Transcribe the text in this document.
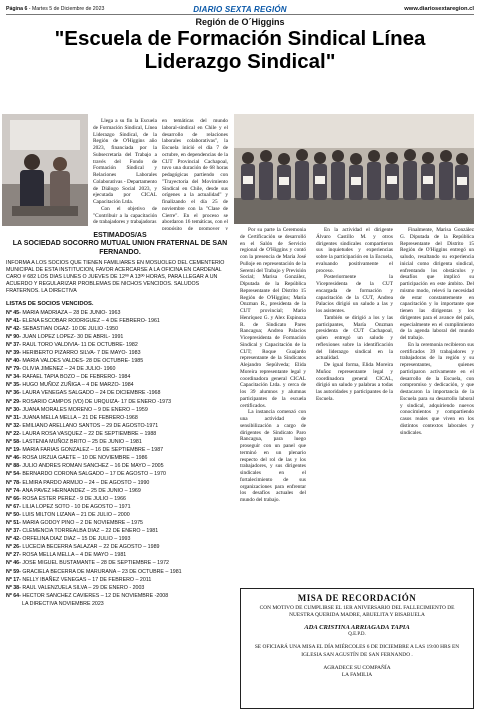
Página 6 - Martes 5 de Diciembre de 2023	DIARIO SEXTA REGIÓN	www.diariosextaregion.cl
Región de O´Higgins
"Escuela de Formación Sindical Línea Liderazgo Sindical"

Llega a su fin la Escuela de Formación Sindical, Línea Liderazgo Sindical, de la Región de O'Higgins año 2023, financiada por la Subsecretaría del Trabajo a través del Fondo de Formación Sindical y Relaciones Laborales Colaborativas - Departamento de Diálogo Social 2023, y ejecutada por CICAL Capacitación Ltda.

Con el objetivo de "Contribuir a la capacitación de trabajadores y trabajadoras

en temáticas del mundo laboral-sindical en Chile y el desarrollo de relaciones laborales colaborativas", la Escuela inició el día 7 de octubre, en dependencias de la CUT Provincial Cachapoal, tuvo una duración de 68 horas pedagógicas partiendo con "Trayectoria del Movimiento Sindical en Chile, desde sus orígenes a la actualidad" y finalizando el día 25 de noviembre con la "Clase de Cierre". En el proceso se abordaron 16 temáticas, con el propósito de promover y	Por su parte la Ceremonia de Certificación se desarrolló en el Salón de Servicio regional de O'Higgins y contó con la presencia de María José Pulloje en representación de la Seremi del Trabajo y Previsión Social; Marisa González, Diputada de la República Representante del Distrito 15 Región de O'Higgins; María Onzman R., presidenta de la CUT provincial; Mario Henríquez G. y Alex Espinoza R. de Sindicato Pares Rancagua; Andrea Palacios Vicepresidenta de Formación Sindical y Capacitación de la CUT; Roque Guajardo representante de la Sindicatos Alejandro Sepúlveda; Elida Moreira representante legal y coordinadora general CICAL Capacitación Ltda. y cerca de los 39 alumnos y alumnas participantes de la escuela certificados.

La instancia comenzó con una actividad de sensibilización a cargo de dirigentes de Sindicato Paro Rancagua, para luego proseguir con un panel que terminó en un plenario respecto del rol de las y los trabajadores, y sus dirigentes sindicales en el fortalecimiento de sus organizaciones para enfrentar los desafíos actuales del mundo del trabajo.

En la actividad el dirigente Álvaro Castillo M. y otros dirigentes sindicales compartieron sus inquietudes y experiencias sobre la participación en la Escuela, evaluando positivamente el proceso.

Posteriormente la Vicepresidenta de la CUT encargada de formación y capacitación de la CUT, Andrea Palacios dirigió un saludo a las y los asistentes.

También se dirigió a los y las participantes, María Onzman presidenta de CUT Cachapoal, quien entregó un saludo y reflexiones sobre la identificación del liderazgo sindical en la actualidad.

De igual forma, Elida Moreira Muñoz representante legal y coordinadora general CICAL, dirigió un saludo y palabras a todas las autoridades y participantes de la Escuela.

Finalmente, Marisa González G. Diputada de la República Representante del Distrito 15 Región de O'Higgins entregó un saludo, resaltando su experiencia inicial como dirigenta sindical, enfrentando los obstáculos y desafíos que implicó su participación en este ámbito. Del mismo modo, relevó la necesidad de estar constantemente en capacitación y lo importante que tienen las dirigentas y los dirigentes para el avance del país, especialmente en el cumplimiento de la agenda laboral del mundo del trabajo.

En la ceremonia recibieron sus certificados 39 trabajadores y trabajadoras de la región y su representantes, quienes participaron activamente en el desarrollo de la Escuela, con compromiso y dedicación, y que destacaron la importancia de la Escuela para su desarrollo laboral y sindical, adquiriendo nuevos conocimientos y compartiendo casos reales que viven en los distintos contextos laborales y sindicales.

ESTIMADOS/AS
LA SOCIEDAD SOCORRO MUTUAL UNION FRATERNAL DE SAN FERNANDO.
INFORMA A LOS SOCIOS QUE TIENEN FAMILIARES EN MOSUOLEO DEL CEMENTERIO MUNICIPAL DE ESTA INSTITUCION, FAVOR ACERCARSE A LA OFICINA EN CARDENAL CARO # 682 LOS DIAS LUNES O JUEVES DE 12ºº A 13ºº HORAS, PARA LLEGAR A UN ACUERDO Y REGULARIZAR PROBLEMAS DE NICHOS VENCIDOS. SALUDOS FRATERNOS. LA DIRECTIVA
LISTAS DE SOCIOS VENCIDOS.
Nº 45- MARIA MADRIAZA – 28 DE JUNIO- 1963
Nº 41- ELENA ESCOBAR RODRIGUEZ – 4 DE FEBRERO- 1961
Nº 42- SEBASTIAN OGAZ- 10 DE JULIO -1950
Nº 90- JUAN LOPEZ LOPEZ- 30 DE ABRIL- 1991
Nº 37- RAUL TORO VALDIVIA- 11 DE OCTUBRE- 1982
Nº 39- HERIBERTO PIZARRO SILVA- 7 DE MAYO- 1983
Nº 40- MARIA VALDES VALDES- 28 DE OCTUBRE- 1985
Nº 79- OLIVIA JIMENEZ – 24 DE JULIO- 1960
Nº 34- RAFAEL TAPIA BOZO – DE FEBRERO- 1984
Nº 35- HUGO MUÑOZ ZUÑIGA – 4 DE MARZO- 1984
Nº 36- LAURA VENEGAS SALGADO – 24 DE DICIEMBRE -1968
Nº 29- ROSARIO CAMPOS (VD) DE URQUIZA- 17 DE ENERO -1973
Nº 30- JUANA MORALES MORENO – 9 DE ENERO – 1959
Nº 31- JUANA MELLA MELLA – 21 DE FEBRERO-1968
Nº 32- EMILIANO ARELLANO SANTOS – 29 DE AGOSTO-1971
Nº 22- LAURA ROSA VASQUEZ – 22 DE SEPTIEMBRE – 1988
Nº 58- LASTENIA MUÑOZ BRITO – 25 DE JUNIO – 1981
Nº 19- MARIA FARIAS GONZALEZ – 16 DE SEPTIEMBRE – 1987
Nº 46- ROSA URZUA GAETE – 10 DE NOVIEMBRE – 1986
Nº 88- JULIO ANDRES ROMAN SANCHEZ – 16 DE MAYO – 2005
Nº 54- BERNARDO CORONA SALGADO – 17 DE AGOSTO – 1970
Nº 78- ELMIRA PARDO ARMIJO – 24 – DE AGOSTO – 1990
Nº 74- ANA PAVEZ HERNANDEZ – 25 DE JUNIO – 1969
Nº 66- ROSA ESTER PEREZ - 9 DE JULIO – 1966
Nº 67- LILIA LOPEZ SOTO - 10 DE AGOSTO – 1971
Nº 50- LUIS MILTON LIZANA – 21 DE JULIO – 2000
Nº 51- MARIA GODOY PINO – 2 DE NOVIEMBRE – 1975
Nº 37- CLEMENCIA TORREALBA DIAZ – 22 DE ENERO – 1981
Nº 42- ORFELINA DIAZ DIAZ – 15 DE JULIO – 1993
Nº 26- LUCECIA BECERRA SALAZAR – 22 DE AGOSTO – 1989
Nº 27- ROSA MELLA MELLA – 4 DE MAYO – 1981
Nº 46- JOSE MIGUEL BUSTAMANTE – 28 DE SEPTIEMBRE – 1972
Nº 59- GRACIELA BECERRA DE MARURANA – 23 DE OCTUBRE – 1981
Nº 17- NELLY IBAÑEZ VENEGAS – 17 DE FEBRERO – 2011
Nº 38- RAUL VALENZUELA SILVA – 29 DE ENERO - 2003
Nº 64- HECTOR SANCHEZ CAVIERES – 12 DE NOVIEMBRE -2008
LA DIRECTIVA NOVIEMBRE 2023
MISA DE RECORDACIÓN
CON MOTIVO DE CUMPLIRSE EL 1ER ANIVERSARIO DEL FALLECIMIENTO DE NUESTRA QUERIDA MADRE, ABUELITA Y BISABUELA
ADA CRISTINA ARRIAGADA TAPIA
Q.E.P.D.
SE OFICIARÁ UNA MISA EL DÍA MIÉRCOLES 6 DE DICIEMBRE A LAS 19:00 HRS EN IGLESIA SAN AGUSTÍN DE SAN FERNANDO .
AGRADECE SU COMPAÑÍA
LA FAMILIA
